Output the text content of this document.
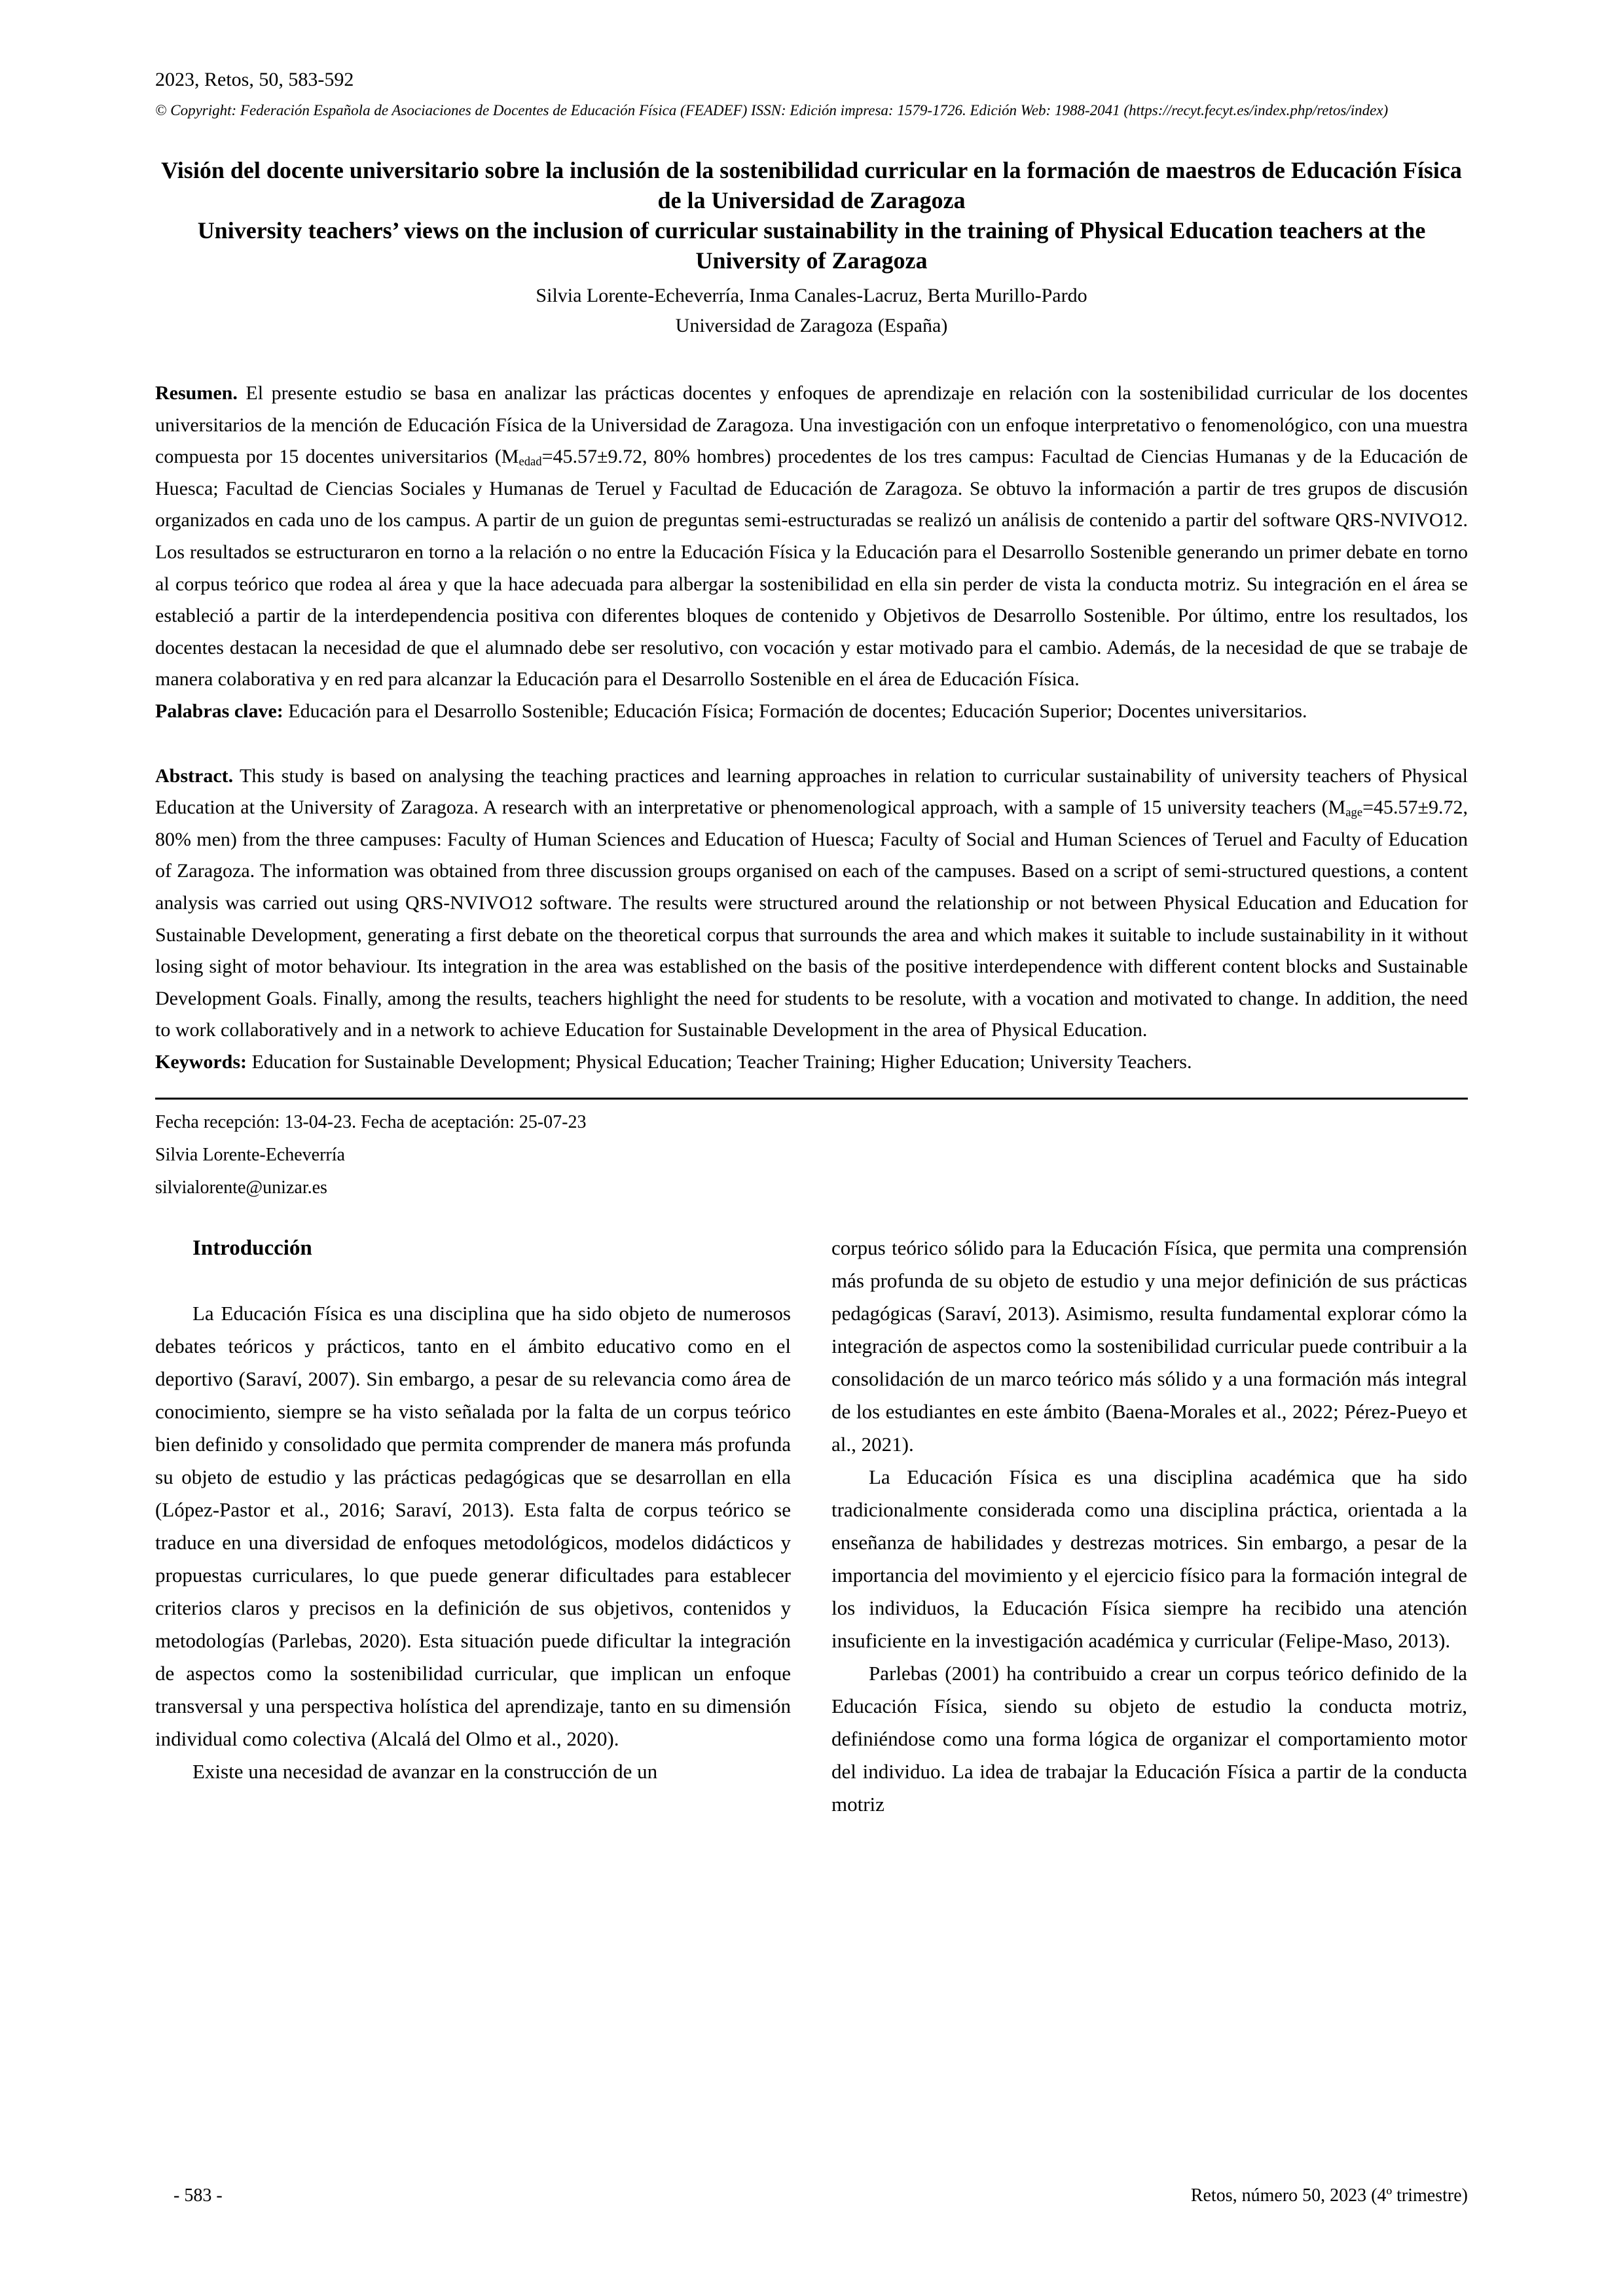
2023, Retos, 50, 583-592
© Copyright: Federación Española de Asociaciones de Docentes de Educación Física (FEADEF) ISSN: Edición impresa: 1579-1726. Edición Web: 1988-2041 (https://recyt.fecyt.es/index.php/retos/index)
Visión del docente universitario sobre la inclusión de la sostenibilidad curricular en la formación de maestros de Educación Física de la Universidad de Zaragoza
University teachers’ views on the inclusion of curricular sustainability in the training of Physical Education teachers at the University of Zaragoza
Silvia Lorente-Echeverría, Inma Canales-Lacruz, Berta Murillo-Pardo
Universidad de Zaragoza (España)

Resumen. El presente estudio se basa en analizar las prácticas docentes y enfoques de aprendizaje en relación con la sostenibilidad curricular de los docentes universitarios de la mención de Educación Física de la Universidad de Zaragoza. Una investigación con un enfoque interpretativo o fenomenológico, con una muestra compuesta por 15 docentes universitarios ($M_{edad}=45.57\pm 9.72$, 80% hombres) procedentes de los tres campus: Facultad de Ciencias Humanas y de la Educación de Huesca; Facultad de Ciencias Sociales y Humanas de Teruel y Facultad de Educación de Zaragoza. Se obtuvo la información a partir de tres grupos de discusión organizados en cada uno de los campus. A partir de un guion de preguntas semi-estructuradas se realizó un análisis de contenido a partir del software QRS-NVIVO12. Los resultados se estructuraron en torno a la relación o no entre la Educación Física y la Educación para el Desarrollo Sostenible generando un primer debate en torno al corpus teórico que rodea al área y que la hace adecuada para albergar la sostenibilidad en ella sin perder de vista la conducta motriz. Su integración en el área se estableció a partir de la interdependencia positiva con diferentes bloques de contenido y Objetivos de Desarrollo Sostenible. Por último, entre los resultados, los docentes destacan la necesidad de que el alumnado debe ser resolutivo, con vocación y estar motivado para el cambio. Además, de la necesidad de que se trabaje de manera colaborativa y en red para alcanzar la Educación para el Desarrollo Sostenible en el área de Educación Física.

Palabras clave: Educación para el Desarrollo Sostenible; Educación Física; Formación de docentes; Educación Superior; Docentes universitarios.

Abstract. This study is based on analysing the teaching practices and learning approaches in relation to curricular sustainability of university teachers of Physical Education at the University of Zaragoza. A research with an interpretative or phenomenological approach, with a sample of 15 university teachers ($M_{age}=45.57\pm 9.72$, 80% men) from the three campuses: Faculty of Human Sciences and Education of Huesca; Faculty of Social and Human Sciences of Teruel and Faculty of Education of Zaragoza. The information was obtained from three discussion groups organised on each of the campuses. Based on a script of semi-structured questions, a content analysis was carried out using QRS-NVIVO12 software. The results were structured around the relationship or not between Physical Education and Education for Sustainable Development, generating a first debate on the theoretical corpus that surrounds the area and which makes it suitable to include sustainability in it without losing sight of motor behaviour. Its integration in the area was established on the basis of the positive interdependence with different content blocks and Sustainable Development Goals. Finally, among the results, teachers highlight the need for students to be resolute, with a vocation and motivated to change. In addition, the need to work collaboratively and in a network to achieve Education for Sustainable Development in the area of Physical Education.

Keywords: Education for Sustainable Development; Physical Education; Teacher Training; Higher Education; University Teachers.

Fecha recepción: 13-04-23. Fecha de aceptación: 25-07-23
Silvia Lorente-Echeverría
silvialorente@unizar.es
Introducción

La Educación Física es una disciplina que ha sido objeto de numerosos debates teóricos y prácticos, tanto en el ámbito educativo como en el deportivo (Saraví, 2007). Sin embargo, a pesar de su relevancia como área de conocimiento, siempre se ha visto señalada por la falta de un corpus teórico bien definido y consolidado que permita comprender de manera más profunda su objeto de estudio y las prácticas pedagógicas que se desarrollan en ella (López-Pastor et al., 2016; Saraví, 2013). Esta falta de corpus teórico se traduce en una diversidad de enfoques metodológicos, modelos didácticos y propuestas curriculares, lo que puede generar dificultades para establecer criterios claros y precisos en la definición de sus objetivos, contenidos y metodologías (Parlebas, 2020). Esta situación puede dificultar la integración de aspectos como la sostenibilidad curricular, que implican un enfoque transversal y una perspectiva holística del aprendizaje, tanto en su dimensión individual como colectiva (Alcalá del Olmo et al., 2020).

Existe una necesidad de avanzar en la construcción de un

corpus teórico sólido para la Educación Física, que permita una comprensión más profunda de su objeto de estudio y una mejor definición de sus prácticas pedagógicas (Saraví, 2013). Asimismo, resulta fundamental explorar cómo la integración de aspectos como la sostenibilidad curricular puede contribuir a la consolidación de un marco teórico más sólido y a una formación más integral de los estudiantes en este ámbito (Baena-Morales et al., 2022; Pérez-Pueyo et al., 2021).

La Educación Física es una disciplina académica que ha sido tradicionalmente considerada como una disciplina práctica, orientada a la enseñanza de habilidades y destrezas motrices. Sin embargo, a pesar de la importancia del movimiento y el ejercicio físico para la formación integral de los individuos, la Educación Física siempre ha recibido una atención insuficiente en la investigación académica y curricular (Felipe-Maso, 2013).

Parlebas (2001) ha contribuido a crear un corpus teórico definido de la Educación Física, siendo su objeto de estudio la conducta motriz, definiéndose como una forma lógica de organizar el comportamiento motor del individuo. La idea de trabajar la Educación Física a partir de la conducta motriz

- 583 -	Retos, número 50, 2023 (4º trimestre)
